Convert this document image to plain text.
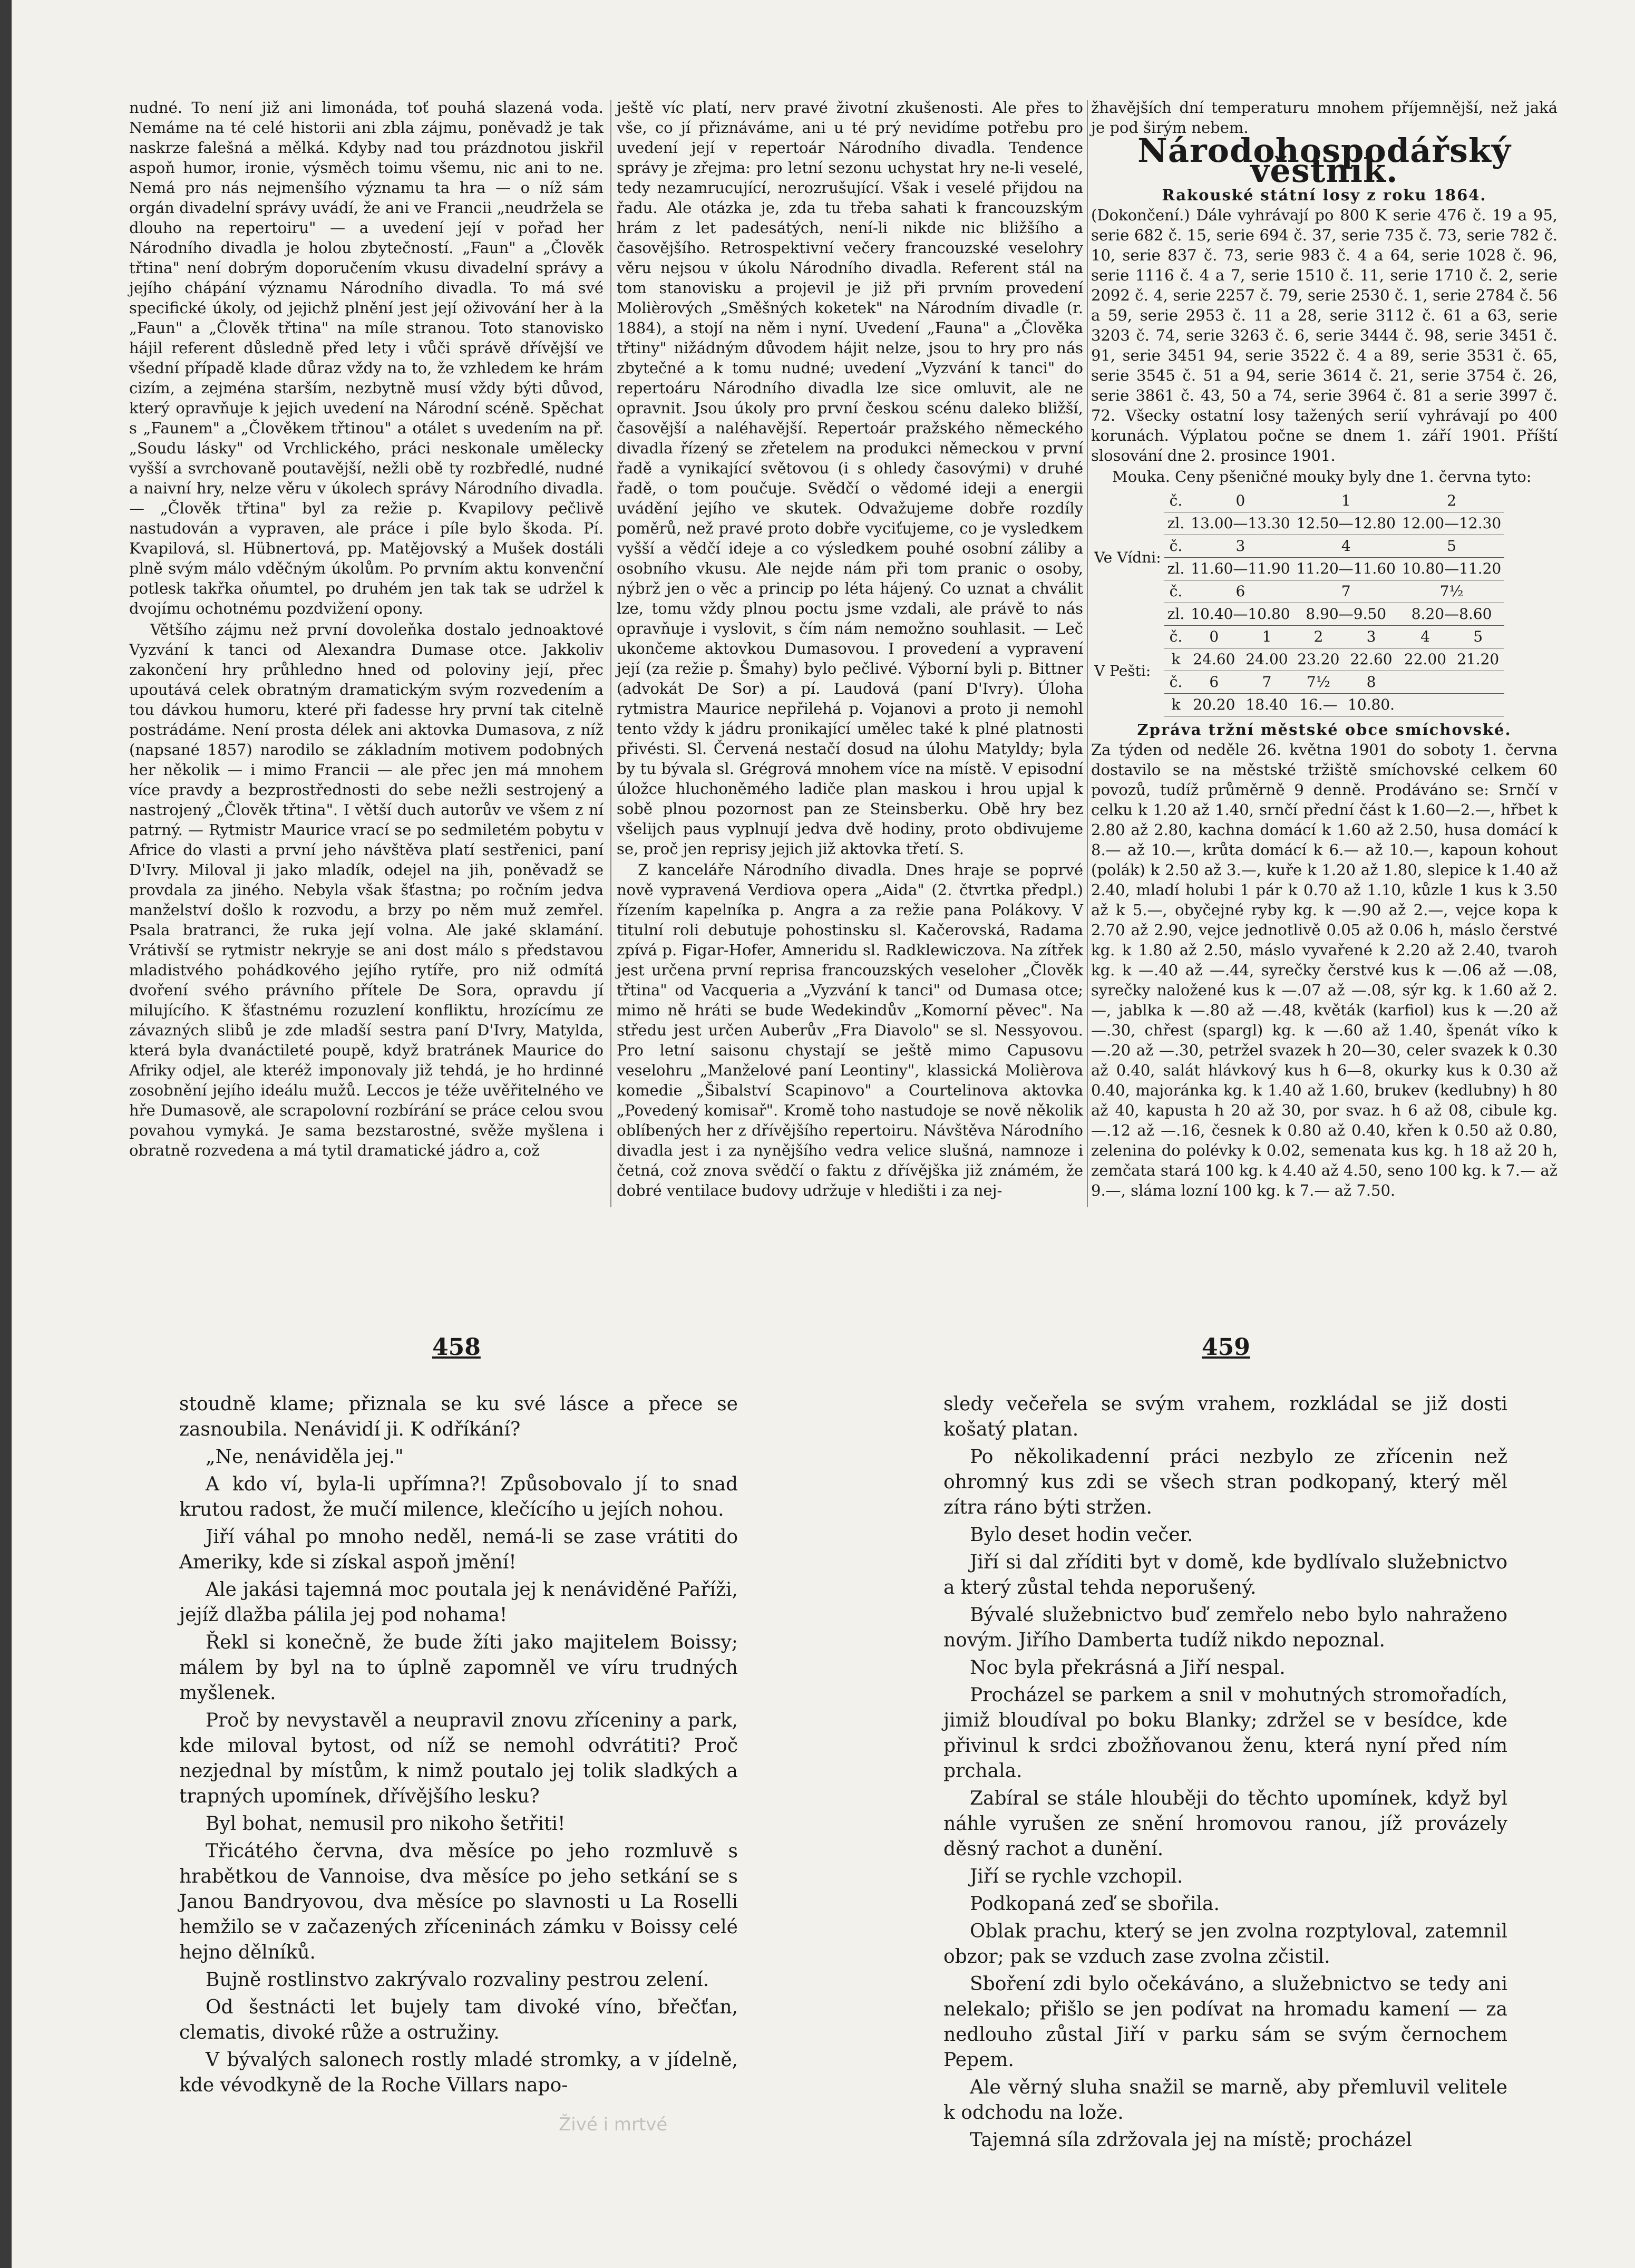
nudné. To není již ani limonáda, toť pouhá slazená voda. Nemáme na té celé historii ani zbla zájmu, poněvadž je tak naskrze falešná a mělká. Kdyby nad tou prázdnotou jiskřil aspoň humor, ironie, výsměch toimu všemu, nic ani to ne. Nemá pro nás nejmenšího významu ta hra — o níž sám orgán divadelní správy uvádí, že ani ve Francii „neudržela se dlouho na repertoiru" — a uvedení její v pořad her Národního divadla je holou zbytečností. „Faun" a „Člověk třtina" není dobrým doporučením vkusu divadelní správy a jejího chápání významu Národního divadla. To má své specifické úkoly, od jejichž plnění jest její oživování her à la „Faun" a „Člověk třtina" na míle stranou. Toto stanovisko hájil referent důsledně před lety i vůči správě dřívější ve všední případě klade důraz vždy na to, že vzhledem ke hrám cizím, a zejména starším, nezbytně musí vždy býti důvod, který opravňuje k jejich uvedení na Národní scéně. Spěchat s „Faunem" a „Člověkem třtinou" a otálet s uvedením na př. „Soudu lásky" od Vrchlického, práci neskonale umělecky vyšší a svrchovaně poutavější, nežli obě ty rozbředlé, nudné a naivní hry, nelze věru v úkolech správy Národního divadla. — „Člověk třtina" byl za režie p. Kvapilovy pečlivě nastudován a vypraven, ale práce i píle bylo škoda. Pí. Kvapilová, sl. Hübnertová, pp. Matějovský a Mušek dostáli plně svým málo vděčným úkolům. Po prvním aktu konvenční potlesk takřka oňumtel, po druhém jen tak tak se udržel k dvojímu ochotnému pozdvižení opony.

Většího zájmu než první dovoleňka dostalo jednoaktové Vyzvání k tanci od Alexandra Dumase otce. Jakkoliv zakončení hry průhledno hned od poloviny její, přec upoutává celek obratným dramatickým svým rozvedením a tou dávkou humoru, které při fadesse hry první tak citelně postrádáme. Není prosta délek ani aktovka Dumasova, z níž (napsané 1857) narodilo se základním motivem podobných her několik — i mimo Francii — ale přec jen má mnohem více pravdy a bezprostřednosti do sebe nežli sestrojený a nastrojený „Člověk třtina". I větší duch autorův ve všem z ní patrný. — Rytmistr Maurice vrací se po sedmiletém pobytu v Africe do vlasti a první jeho návštěva platí sestřenici, paní D'Ivry. Miloval ji jako mladík, odejel na jih, poněvadž se provdala za jiného. Nebyla však šťastna; po ročním jedva manželství došlo k rozvodu, a brzy po něm muž zemřel. Psala bratranci, že ruka její volna. Ale jaké sklamání. Vrátivší se rytmistr nekryje se ani dost málo s představou mladistvého pohádkového jejího rytíře, pro niž odmítá dvoření svého právního přítele De Sora, opravdu jí milujícího. K šťastnému rozuzlení konfliktu, hrozícímu ze závazných slibů je zde mladší sestra paní D'Ivry, Matylda, která byla dvanáctileté poupě, když bratránek Maurice do Afriky odjel, ale kteréž imponovaly již tehdá, je ho hrdinné zosobnění jejího ideálu mužů. Leccos je téže uvěřitelného ve hře Dumasově, ale scrapolovní rozbírání se práce celou svou povahou vymyká. Je sama bezstarostné, svěže myšlena i obratně rozvedena a má tytil dramatické jádro a, což

ještě víc platí, nerv pravé životní zkušenosti. Ale přes to vše, co jí přiznáváme, ani u té prý nevidíme potřebu pro uvedení její v repertoár Národního divadla. Tendence správy je zřejma: pro letní sezonu uchystat hry ne-li veselé, tedy nezamrucující, nerozrušující. Však i veselé přijdou na řadu. Ale otázka je, zda tu třeba sahati k francouzským hrám z let padesátých, není-li nikde nic bližšího a časovějšího. Retrospektivní večery francouzské veselohry věru nejsou v úkolu Národního divadla. Referent stál na tom stanovisku a projevil je již při prvním provedení Molièrových „Směšných koketek" na Národním divadle (r. 1884), a stojí na něm i nyní. Uvedení „Fauna" a „Člověka třtiny" nižádným důvodem hájit nelze, jsou to hry pro nás zbytečné a k tomu nudné; uvedení „Vyzvání k tanci" do repertoáru Národního divadla lze sice omluvit, ale ne opravnit. Jsou úkoly pro první českou scénu daleko bližší, časovější a naléhavější. Repertoár pražského německého divadla řízený se zřetelem na produkci německou v první řadě a vynikající světovou (i s ohledy časovými) v druhé řadě, o tom poučuje. Svědčí o vědomé ideji a energii uvádění jejího ve skutek. Odvažujeme dobře rozdíly poměrů, než pravé proto dobře vyciťujeme, co je vysledkem vyšší a vědčí ideje a co výsledkem pouhé osobní záliby a osobního vkusu. Ale nejde nám při tom pranic o osoby, nýbrž jen o věc a princip po léta hájený. Co uznat a chválit lze, tomu vždy plnou poctu jsme vzdali, ale právě to nás opravňuje i vyslovit, s čím nám nemožno souhlasit. — Leč ukončeme aktovkou Dumasovou. I provedení a vypravení její (za režie p. Šmahy) bylo pečlivé. Výborní byli p. Bittner (advokát De Sor) a pí. Laudová (paní D'Ivry). Úloha rytmistra Maurice nepřilehá p. Vojanovi a proto ji nemohl tento vždy k jádru pronikající umělec také k plné platnosti přivésti. Sl. Červená nestačí dosud na úlohu Matyldy; byla by tu bývala sl. Grégrová mnohem více na místě. V episodní úložce hluchoněmého ladiče plan maskou i hrou upjal k sobě plnou pozornost pan ze Steinsberku. Obě hry bez všelijch paus vyplnují jedva dvě hodiny, proto obdivujeme se, proč jen reprisy jejich již aktovka třetí. S.

Z kanceláře Národního divadla. Dnes hraje se poprvé nově vypravená Verdiova opera „Aida" (2. čtvrtka předpl.) řízením kapelníka p. Angra a za režie pana Polákovy. V titulní roli debutuje pohostinsku sl. Kačerovská, Radama zpívá p. Figar-Hofer, Amneridu sl. Radklewiczova. Na zítřek jest určena první reprisa francouzských veseloher „Člověk třtina" od Vacqueria a „Vyzvání k tanci" od Dumasa otce; mimo ně hráti se bude Wedekindův „Komorní pěvec". Na středu jest určen Auberův „Fra Diavolo" se sl. Nessyovou. Pro letní saisonu chystají se ještě mimo Capusovu veselohru „Manželové paní Leontiny", klassická Molièrova komedie „Šibalství Scapinovo" a Courtelinova aktovka „Povedený komisař". Kromě toho nastudoje se nově několik oblíbených her z dřívějšího repertoiru. Návštěva Národního divadla jest i za nynějšího vedra velice slušná, namnoze i četná, což znova svědčí o faktu z dřívějška již známém, že dobré ventilace budovy udržuje v hledišti i za nej-

žhavějších dní temperaturu mnohem příjemnější, než jaká je pod širým nebem.

Národohospodářský věstník.
Rakouské státní losy z roku 1864.

(Dokončení.) Dále vyhrávají po 800 K serie 476 č. 19 a 95, serie 682 č. 15, serie 694 č. 37, serie 735 č. 73, serie 782 č. 10, serie 837 č. 73, serie 983 č. 4 a 64, serie 1028 č. 96, serie 1116 č. 4 a 7, serie 1510 č. 11, serie 1710 č. 2, serie 2092 č. 4, serie 2257 č. 79, serie 2530 č. 1, serie 2784 č. 56 a 59, serie 2953 č. 11 a 28, serie 3112 č. 61 a 63, serie 3203 č. 74, serie 3263 č. 6, serie 3444 č. 98, serie 3451 č. 91, serie 3451 94, serie 3522 č. 4 a 89, serie 3531 č. 65, serie 3545 č. 51 a 94, serie 3614 č. 21, serie 3754 č. 26, serie 3861 č. 43, 50 a 74, serie 3964 č. 81 a serie 3997 č. 72. Všecky ostatní losy tažených serií vyhrávají po 400 korunách. Výplatou počne se dnem 1. září 1901. Příští slosování dne 2. prosince 1901.

Mouka. Ceny pšeničné mouky byly dne 1. června tyto:

Ve Vídni:	č.	0		1		2	
	zl.	13.00—13.30		12.50—12.80		12.00—12.30	
	č.	3		4		5	
	zl.	11.60—11.90		11.20—11.60		10.80—11.20	
	č.	6		7		7½	
	zl.	10.40—10.80		8.90—9.50		8.20—8.60	
V Pešti:	č.	0	1	2	3	4	5
	k	24.60	24.00	23.20	22.60	22.00	21.20
	č.	6	7	7½	8		
	k	20.20	18.40	16.—	10.80.		
Zpráva tržní městské obce smíchovské.

Za týden od neděle 26. května 1901 do soboty 1. června dostavilo se na městské tržiště smíchovské celkem 60 povozů, tudíž průměrně 9 denně. Prodáváno se: Srnčí v celku k 1.20 až 1.40, srnčí přední část k 1.60—2.—, hřbet k 2.80 až 2.80, kachna domácí k 1.60 až 2.50, husa domácí k 8.— až 10.—, krůta domácí k 6.— až 10.—, kapoun kohout (polák) k 2.50 až 3.—, kuře k 1.20 až 1.80, slepice k 1.40 až 2.40, mladí holubi 1 pár k 0.70 až 1.10, kůzle 1 kus k 3.50 až k 5.—, obyčejné ryby kg. k —.90 až 2.—, vejce kopa k 2.70 až 2.90, vejce jednotlivě 0.05 až 0.06 h, máslo čerstvé kg. k 1.80 až 2.50, máslo vyvařené k 2.20 až 2.40, tvaroh kg. k —.40 až —.44, syrečky čerstvé kus k —.06 až —.08, syrečky naložené kus k —.07 až —.08, sýr kg. k 1.60 až 2.—, jablka k —.80 až —.48, květák (karfiol) kus k —.20 až —.30, chřest (spargl) kg. k —.60 až 1.40, špenát víko k —.20 až —.30, petržel svazek h 20—30, celer svazek k 0.30 až 0.40, salát hlávkový kus h 6—8, okurky kus k 0.30 až 0.40, majoránka kg. k 1.40 až 1.60, brukev (kedlubny) h 80 až 40, kapusta h 20 až 30, por svaz. h 6 až 08, cibule kg. —.12 až —.16, česnek k 0.80 až 0.40, křen k 0.50 až 0.80, zelenina do polévky k 0.02, semenata kus kg. h 18 až 20 h, zemčata stará 100 kg. k 4.40 až 4.50, seno 100 kg. k 7.— až 9.—, sláma lozní 100 kg. k 7.— až 7.50.

458	459

stoudně klame; přiznala se ku své lásce a přece se zasnoubila. Nenávidí ji. K odříkání?

„Ne, nenáviděla jej."

A kdo ví, byla-li upřímna?! Způsobovalo jí to snad krutou radost, že mučí milence, klečícího u jejích nohou.

Jiří váhal po mnoho neděl, nemá-li se zase vrátiti do Ameriky, kde si získal aspoň jmění!

Ale jakási tajemná moc poutala jej k nenáviděné Paříži, jejíž dlažba pálila jej pod nohama!

Řekl si konečně, že bude žíti jako majitelem Boissy; málem by byl na to úplně zapomněl ve víru trudných myšlenek.

Proč by nevystavěl a neupravil znovu zříceniny a park, kde miloval bytost, od níž se nemohl odvrátiti? Proč nezjednal by místům, k nimž poutalo jej tolik sladkých a trapných upomínek, dřívějšího lesku?

Byl bohat, nemusil pro nikoho šetřiti!

Třicátého června, dva měsíce po jeho rozmluvě s hrabětkou de Vannoise, dva měsíce po jeho setkání se s Janou Bandryovou, dva měsíce po slavnosti u La Roselli hemžilo se v začazených zříceninách zámku v Boissy celé hejno dělníků.

Bujně rostlinstvo zakrývalo rozvaliny pestrou zelení.

Od šestnácti let bujely tam divoké víno, břečťan, clematis, divoké růže a ostružiny.

V bývalých salonech rostly mladé stromky, a v jídelně, kde vévodkyně de la Roche Villars napo-

sledy večeřela se svým vrahem, rozkládal se již dosti košatý platan.

Po několikadenní práci nezbylo ze zřícenin než ohromný kus zdi se všech stran podkopaný, který měl zítra ráno býti stržen.

Bylo deset hodin večer.

Jiří si dal zříditi byt v domě, kde bydlívalo služebnictvo a který zůstal tehda neporušený.

Bývalé služebnictvo buď zemřelo nebo bylo nahraženo novým. Jiřího Damberta tudíž nikdo nepoznal.

Noc byla překrásná a Jiří nespal.

Procházel se parkem a snil v mohutných stromořadích, jimiž bloudíval po boku Blanky; zdržel se v besídce, kde přivinul k srdci zbožňovanou ženu, která nyní před ním prchala.

Zabíral se stále hlouběji do těchto upomínek, když byl náhle vyrušen ze snění hromovou ranou, jíž provázely děsný rachot a dunění.

Jiří se rychle vzchopil.

Podkopaná zeď se sbořila.

Oblak prachu, který se jen zvolna rozptyloval, zatemnil obzor; pak se vzduch zase zvolna zčistil.

Sboření zdi bylo očekáváno, a služebnictvo se tedy ani nelekalo; přišlo se jen podívat na hromadu kamení — za nedlouho zůstal Jiří v parku sám se svým černochem Pepem.

Ale věrný sluha snažil se marně, aby přemluvil velitele k odchodu na lože.

Tajemná síla zdržovala jej na místě; procházel

Živé i mrtvé
